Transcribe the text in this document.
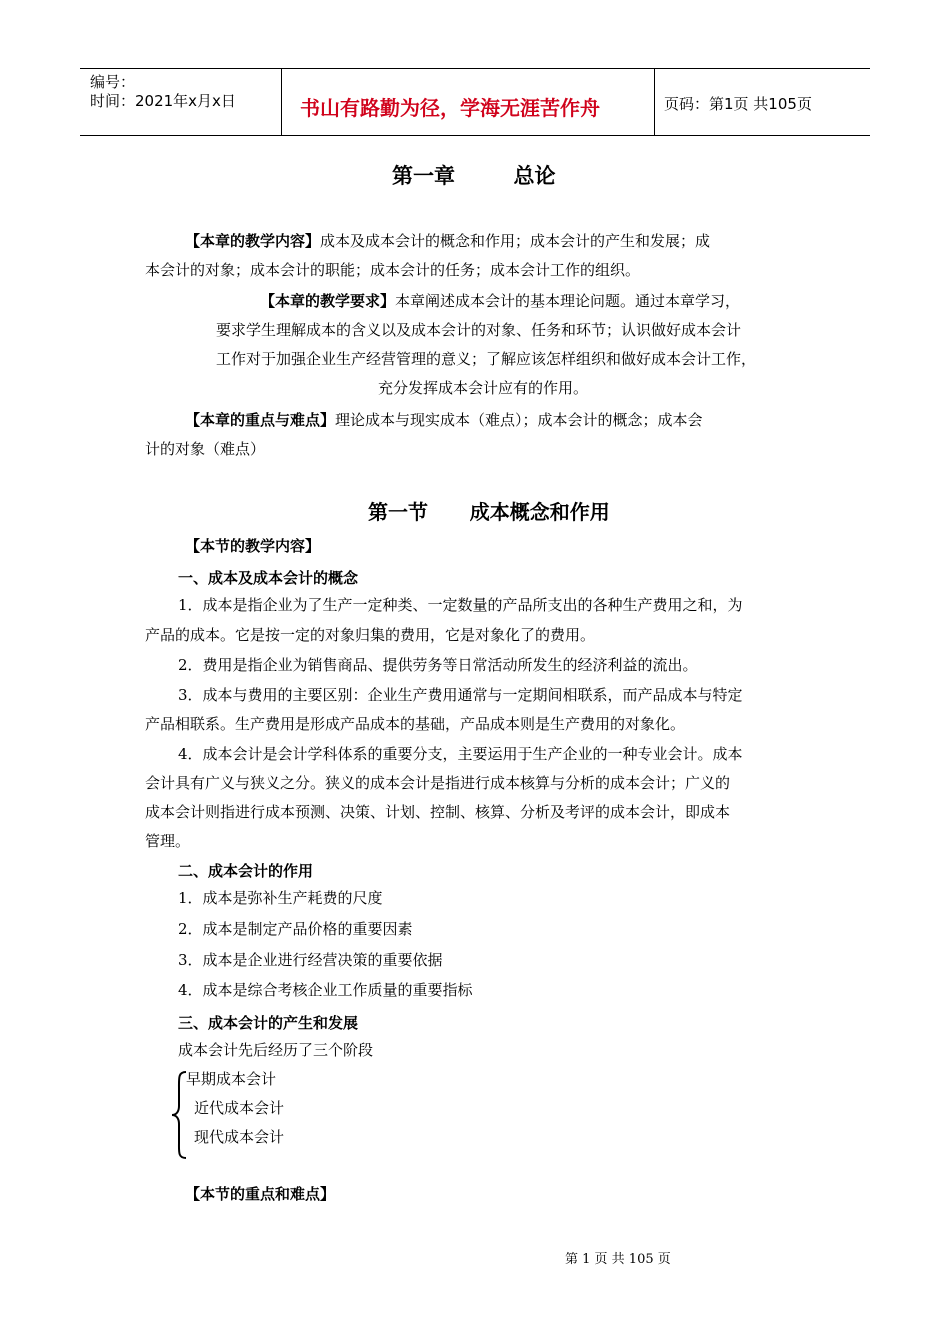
编号：
时间：2021年x月x日	书山有路勤为径，学海无涯苦作舟	页码：第1页 共105页
第一章        总论
【本章的教学内容】成本及成本会计的概念和作用；成本会计的产生和发展；成
本会计的对象；成本会计的职能；成本会计的任务；成本会计工作的组织。
【本章的教学要求】本章阐述成本会计的基本理论问题。通过本章学习，
要求学生理解成本的含义以及成本会计的对象、任务和环节；认识做好成本会计
工作对于加强企业生产经营管理的意义；了解应该怎样组织和做好成本会计工作，
充分发挥成本会计应有的作用。
【本章的重点与难点】理论成本与现实成本（难点）；成本会计的概念；成本会
计的对象（难点）
第一节      成本概念和作用
【本节的教学内容】
一、成本及成本会计的概念
1．成本是指企业为了生产一定种类、一定数量的产品所支出的各种生产费用之和，为
产品的成本。它是按一定的对象归集的费用，它是对象化了的费用。
2．费用是指企业为销售商品、提供劳务等日常活动所发生的经济利益的流出。
3．成本与费用的主要区别：企业生产费用通常与一定期间相联系，而产品成本与特定
产品相联系。生产费用是形成产品成本的基础，产品成本则是生产费用的对象化。
4．成本会计是会计学科体系的重要分支，主要运用于生产企业的一种专业会计。成本
会计具有广义与狭义之分。狭义的成本会计是指进行成本核算与分析的成本会计；广义的
成本会计则指进行成本预测、决策、计划、控制、核算、分析及考评的成本会计，即成本
管理。
二、成本会计的作用
1．成本是弥补生产耗费的尺度
2．成本是制定产品价格的重要因素
3．成本是企业进行经营决策的重要依据
4．成本是综合考核企业工作质量的重要指标
三、成本会计的产生和发展
成本会计先后经历了三个阶段
早期成本会计
近代成本会计
现代成本会计
【本节的重点和难点】
第 1 页 共 105 页
